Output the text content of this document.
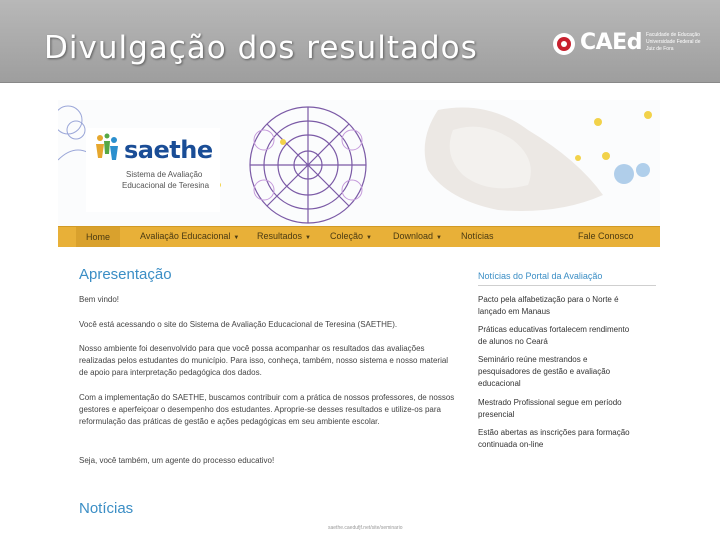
Divulgação dos resultados	CAEd Faculdade de Educação Universidade Federal de Juiz de Fora
saethe
Sistema de Avaliação
Educacional de Teresina
Home	Avaliação Educacional ▼ Resultados ▼ Coleção ▼ Download ▼ Notícias	Fale Conosco
Apresentação
Bem vindo!
Você está acessando o site do Sistema de Avaliação Educacional de Teresina (SAETHE).
Nosso ambiente foi desenvolvido para que você possa acompanhar os resultados das avaliações realizadas pelos estudantes do município. Para isso, conheça, também, nosso sistema e nosso material de apoio para interpretação pedagógica dos dados.
Com a implementação do SAETHE, buscamos contribuir com a prática de nossos professores, de nossos gestores e aperfeiçoar o desempenho dos estudantes. Aproprie-se desses resultados e utilize-os para reformulação das práticas de gestão e ações pedagógicas em seu ambiente escolar.
Seja, você também, um agente do processo educativo!
Notícias
Notícias do Portal da Avaliação
Pacto pela alfabetização para o Norte é lançado em Manaus
Práticas educativas fortalecem rendimento de alunos no Ceará
Seminário reúne mestrandos e pesquisadores de gestão e avaliação educacional
Mestrado Profissional segue em período presencial
Estão abertas as inscrições para formação continuada on-line
saethe.caedufjf.net/site/seminario
